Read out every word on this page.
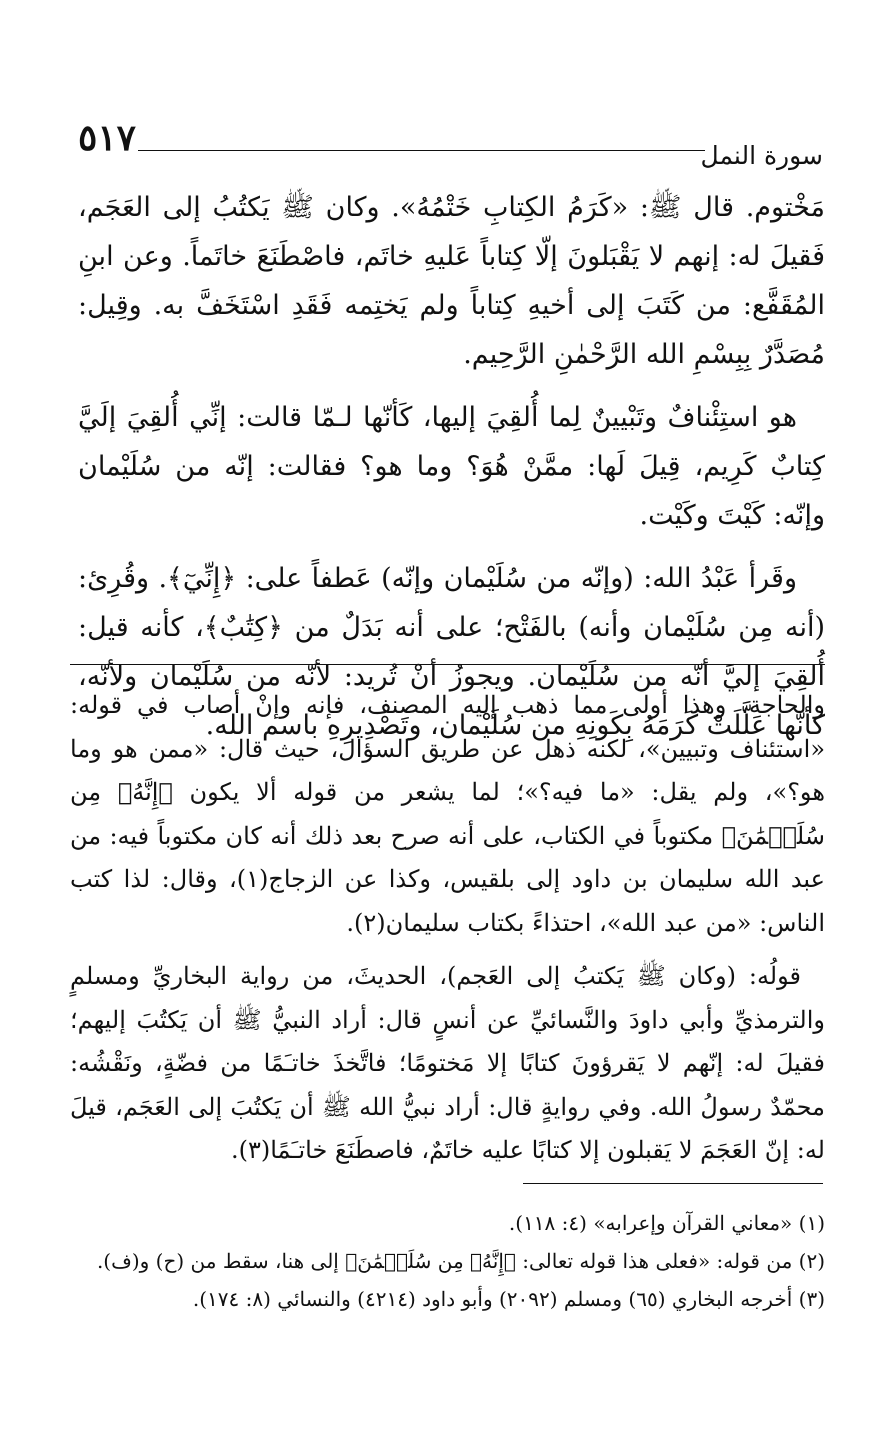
٥١٧	سورة النمل

مَخْتوم. قال ﷺ: «كَرَمُ الكِتابِ خَتْمُهُ». وكان ﷺ يَكتُبُ إلى العَجَم، فَقيلَ له: إنهم لا يَقْبَلونَ إلّا كِتاباً عَليهِ خاتَم، فاصْطَنَعَ خاتَماً. وعن ابنِ المُقَفَّع: من كَتَبَ إلى أخيهِ كِتاباً ولم يَختِمه فَقَدِ اسْتَخَفَّ به. وقِيل: مُصَدَّرٌ بِبِسْمِ الله الرَّحْمٰنِ الرَّحِيم.

هو استِئْنافٌ وتَبْيينٌ لِما أُلقِيَ إليها، كَأنّها لـمّا قالت: إنِّي أُلقِيَ إلَيَّ كِتابٌ كَرِيم، قِيلَ لَها: ممَّنْ هُوَ؟ وما هو؟ فقالت: إنّه من سُلَيْمان وإنّه: كَيْتَ وكَيْت.

وقَرأ عَبْدُ الله: (وإنّه من سُلَيْمان وإنّه) عَطفاً على: ﴿إِنِّيٓ﴾. وقُرِئ: (أنه مِن سُلَيْمان وأنه) بالفَتْح؛ على أنه بَدَلٌ من ﴿كِتَٰبٌ﴾، كأنه قيل: أُلقِيَ إليَّ أنّه من سُلَيْمان. ويجوزُ أنْ تُريد: لأنّه من سُلَيْمان ولأنّه، كأنّها عَلَّلَتْ كَرَمَهُ بِكَونِهِ من سُلَيْمان، وتَصْدِيرِهِ باسم الله.

والحاجة، وهذا أولى مما ذهب إليه المصنف، فإنه وإنْ أصاب في قوله: «استئناف وتبيين»، لكنه ذهل عن طريق السؤال، حيث قال: «ممن هو وما هو؟»، ولم يقل: «ما فيه؟»؛ لما يشعر من قوله ألا يكون ﴿إِنَّهُۥ مِن سُلَيۡمَٰنَ﴾ مكتوباً في الكتاب، على أنه صرح بعد ذلك أنه كان مكتوباً فيه: من عبد الله سليمان بن داود إلى بلقيس، وكذا عن الزجاج(١)، وقال: لذا كتب الناس: «من عبد الله»، احتذاءً بكتاب سليمان(٢).

قولُه: (وكان ﷺ يَكتبُ إلى العَجم)، الحديثَ، من رواية البخاريِّ ومسلمٍ والترمذيِّ وأبي داودَ والنَّسائيِّ عن أنسٍ قال: أراد النبيُّ ﷺ أن يَكتُبَ إليهم؛ فقيلَ له: إنّهم لا يَقرؤونَ كتابًا إلا مَختومًا؛ فاتَّخذَ خاتـَمًا من فضّةٍ، ونَقْشُه: محمّدٌ رسولُ الله. وفي روايةٍ قال: أراد نبيُّ الله ﷺ أن يَكتُبَ إلى العَجَم، قيلَ له: إنّ العَجَمَ لا يَقبلون إلا كتابًا عليه خاتَمٌ، فاصطَنَعَ خاتـَمًا(٣).

(١) «معاني القرآن وإعرابه» (٤: ١١٨).

(٢) من قوله: «فعلى هذا قوله تعالى: ﴿إِنَّهُۥ مِن سُلَيۡمَٰنَ﴾ إلى هنا، سقط من (ح) و(ف).

(٣) أخرجه البخاري (٦٥) ومسلم (٢٠٩٢) وأبو داود (٤٢١٤) والنسائي (٨: ١٧٤).
